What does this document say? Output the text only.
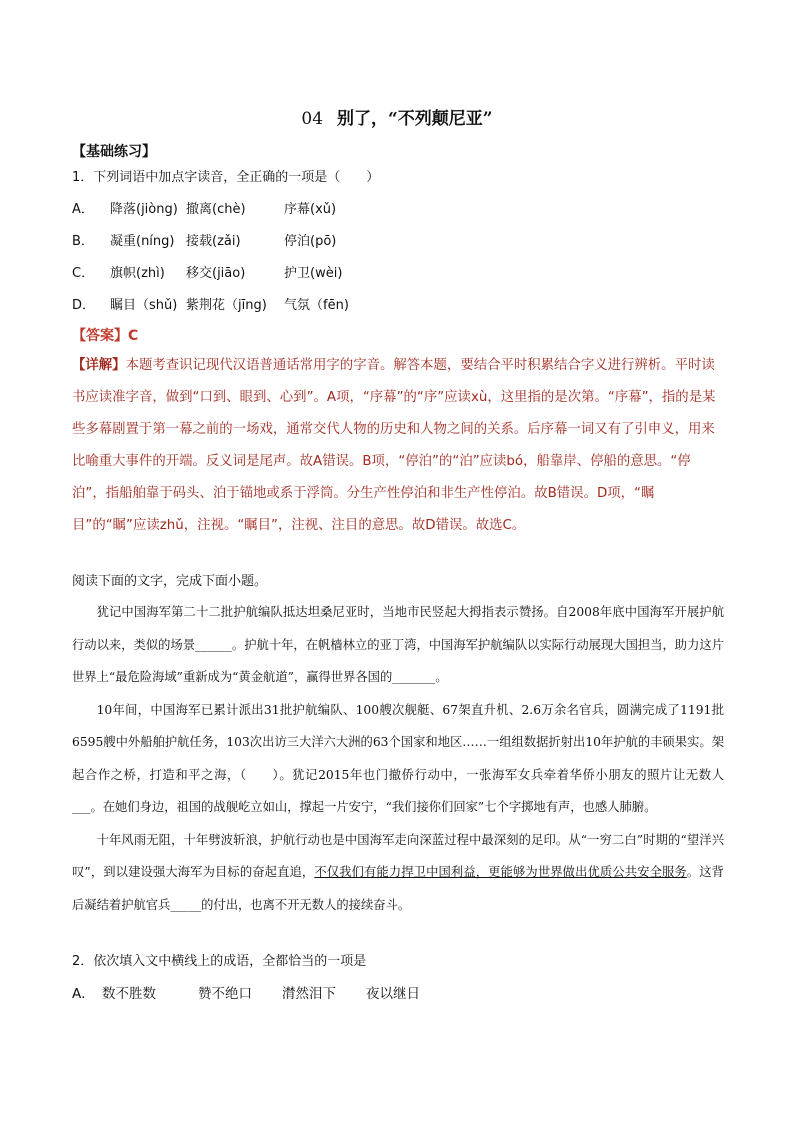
04 别了，“不列颠尼亚”
【基础练习】
1．下列词语中加点字读音，全正确的一项是（　　）
A． 降落(jiòng) 撤离(chè)	序幕(xǔ)
B． 凝重(níng) 接载(zǎi)	停泊(pō)
C． 旗帜(zhì) 移交(jiāo)	护卫(wèi)
D． 瞩目（shǔ) 紫荆花（jīng) 气氛（fēn)
【答案】C
【详解】本题考查识记现代汉语普通话常用字的字音。解答本题，要结合平时积累结合字义进行辨析。平时读书应读准字音，做到“口到、眼到、心到”。A项，“序幕”的“序”应读xù，这里指的是次第。“序幕”，指的是某些多幕剧置于第一幕之前的一场戏，通常交代人物的历史和人物之间的关系。后序幕一词又有了引申义，用来比喻重大事件的开端。反义词是尾声。故A错误。B项，“停泊”的“泊”应读bó，船靠岸、停船的意思。“停泊”，指船舶靠于码头、泊于锚地或系于浮筒。分生产性停泊和非生产性停泊。故B错误。D项，“瞩目”的“瞩”应读zhǔ，注视。“瞩目”，注视、注目的意思。故D错误。故选C。
阅读下面的文字，完成下面小题。

犹记中国海军第二十二批护航编队抵达坦桑尼亚时，当地市民竖起大拇指表示赞扬。自2008年底中国海军开展护航行动以来，类似的场景______。护航十年，在帆樯林立的亚丁湾，中国海军护航编队以实际行动展现大国担当，助力这片世界上“最危险海域”重新成为“黄金航道”，赢得世界各国的_______。

10年间，中国海军已累计派出31批护航编队、100艘次舰艇、67架直升机、2.6万余名官兵，圆满完成了1191批6595艘中外船舶护航任务，103次出访三大洋六大洲的63个国家和地区……一组组数据折射出10年护航的丰硕果实。架起合作之桥，打造和平之海，（　　）。犹记2015年也门撤侨行动中，一张海军女兵牵着华侨小朋友的照片让无数人___。在她们身边，祖国的战舰屹立如山，撑起一片安宁，“我们接你们回家”七个字掷地有声，也感人肺腑。

十年风雨无阻，十年劈波斩浪，护航行动也是中国海军走向深蓝过程中最深刻的足印。从“一穷二白”时期的“望洋兴叹”，到以建设强大海军为目标的奋起直追，不仅我们有能力捍卫中国利益，更能够为世界做出优质公共安全服务。这背后凝结着护航官兵_____的付出，也离不开无数人的接续奋斗。

2．依次填入文中横线上的成语，全都恰当的一项是
A． 数不胜数	赞不绝口 潸然泪下 夜以继日
